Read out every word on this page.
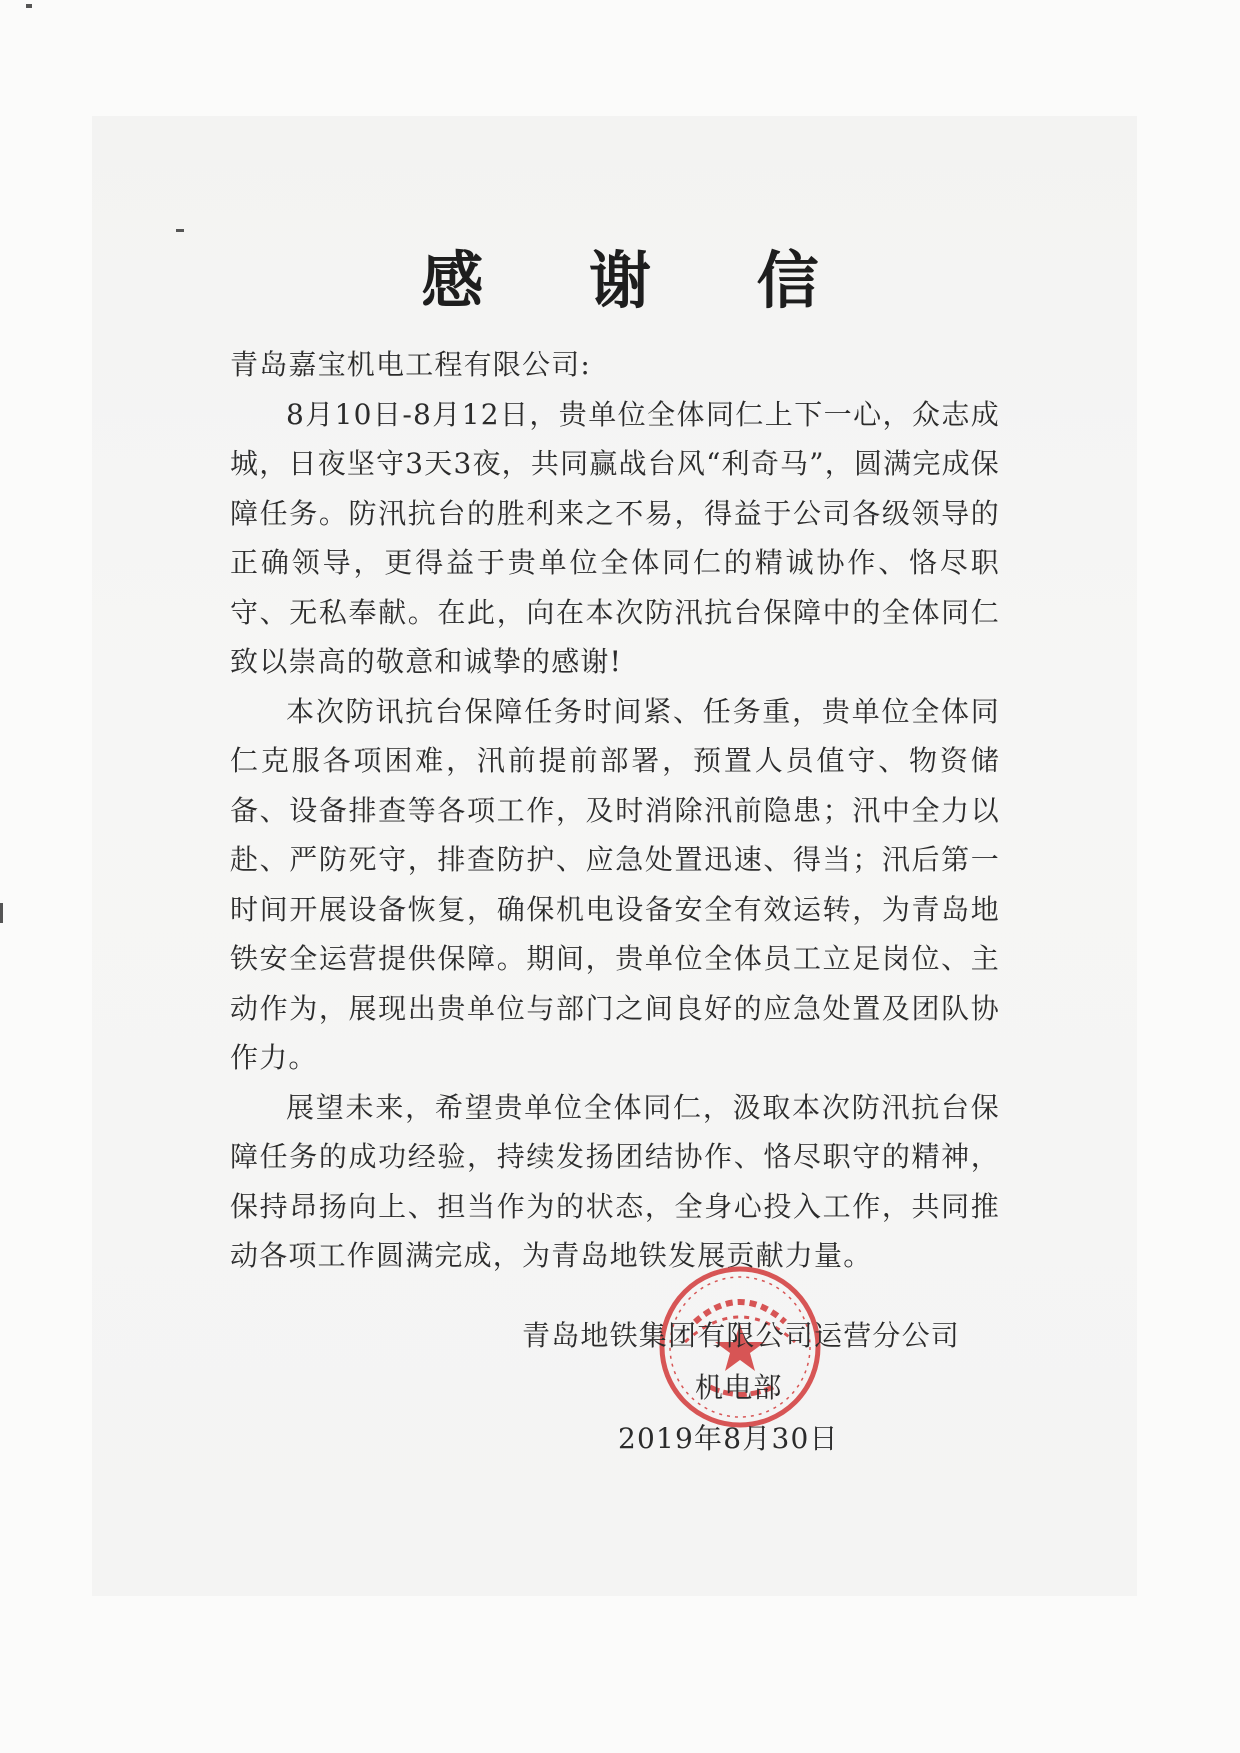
感 谢 信

青岛嘉宝机电工程有限公司:

8月10日-8月12日，贵单位全体同仁上下一心，众志成城，日夜坚守3天3夜，共同赢战台风“利奇马”，圆满完成保障任务。防汛抗台的胜利来之不易，得益于公司各级领导的正确领导，更得益于贵单位全体同仁的精诚协作、恪尽职守、无私奉献。在此，向在本次防汛抗台保障中的全体同仁致以崇高的敬意和诚挚的感谢!

本次防讯抗台保障任务时间紧、任务重，贵单位全体同仁克服各项困难，汛前提前部署，预置人员值守、物资储备、设备排查等各项工作，及时消除汛前隐患；汛中全力以赴、严防死守，排查防护、应急处置迅速、得当；汛后第一时间开展设备恢复，确保机电设备安全有效运转，为青岛地铁安全运营提供保障。期间，贵单位全体员工立足岗位、主动作为，展现出贵单位与部门之间良好的应急处置及团队协作力。

展望未来，希望贵单位全体同仁，汲取本次防汛抗台保障任务的成功经验，持续发扬团结协作、恪尽职守的精神，保持昂扬向上、担当作为的状态，全身心投入工作，共同推动各项工作圆满完成，为青岛地铁发展贡献力量。

青岛地铁集团有限公司运营分公司
机电部
2019年8月30日
